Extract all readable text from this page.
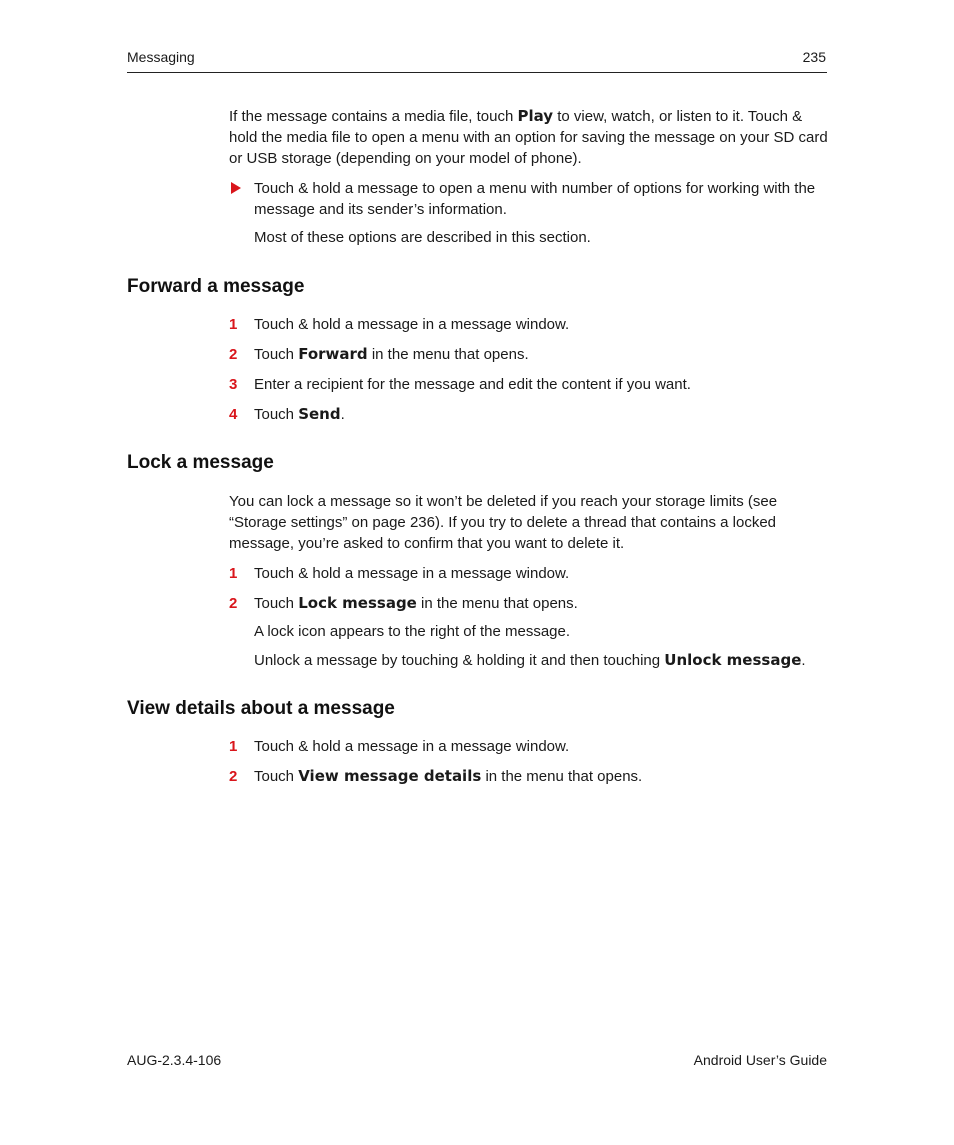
Messaging	235
If the message contains a media file, touch Play to view, watch, or listen to it. Touch & hold the media file to open a menu with an option for saving the message on your SD card or USB storage (depending on your model of phone).
Touch & hold a message to open a menu with number of options for working with the message and its sender’s information.
Most of these options are described in this section.
Forward a message
1 Touch & hold a message in a message window.
2 Touch Forward in the menu that opens.
3 Enter a recipient for the message and edit the content if you want.
4 Touch Send.
Lock a message
You can lock a message so it won’t be deleted if you reach your storage limits (see “Storage settings” on page 236). If you try to delete a thread that contains a locked message, you’re asked to confirm that you want to delete it.
1 Touch & hold a message in a message window.
2 Touch Lock message in the menu that opens.
A lock icon appears to the right of the message.
Unlock a message by touching & holding it and then touching Unlock message.
View details about a message
1 Touch & hold a message in a message window.
2 Touch View message details in the menu that opens.
AUG-2.3.4-106	Android User’s Guide
